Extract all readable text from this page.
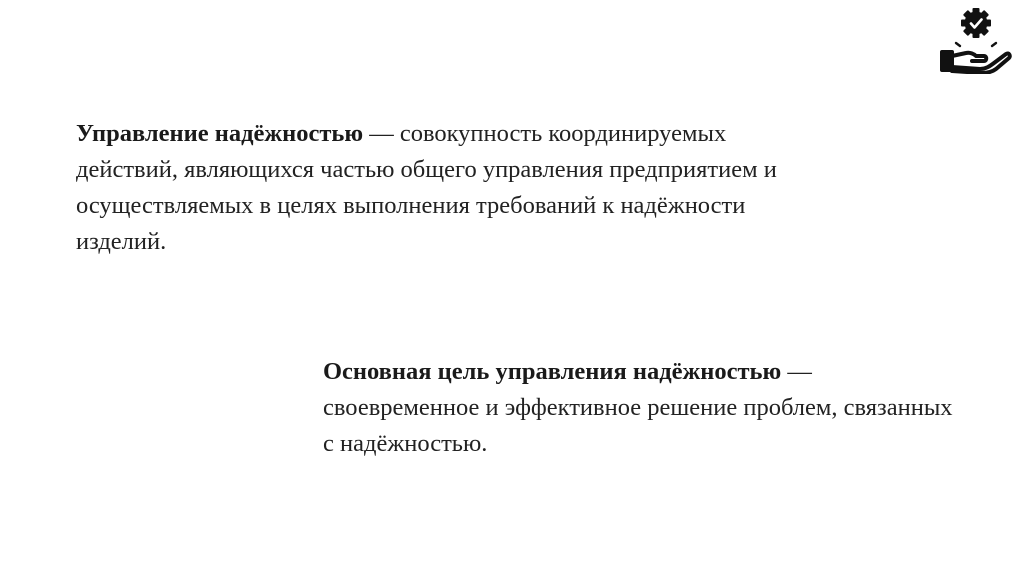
Управление надёжностью — совокупность координируемых действий, являющихся частью общего управления предприятием и осуществляемых в целях выполнения требований к надёжности изделий.

Основная цель управления надёжностью — своевременное и эффективное решение проблем, связанных с надёжностью.
